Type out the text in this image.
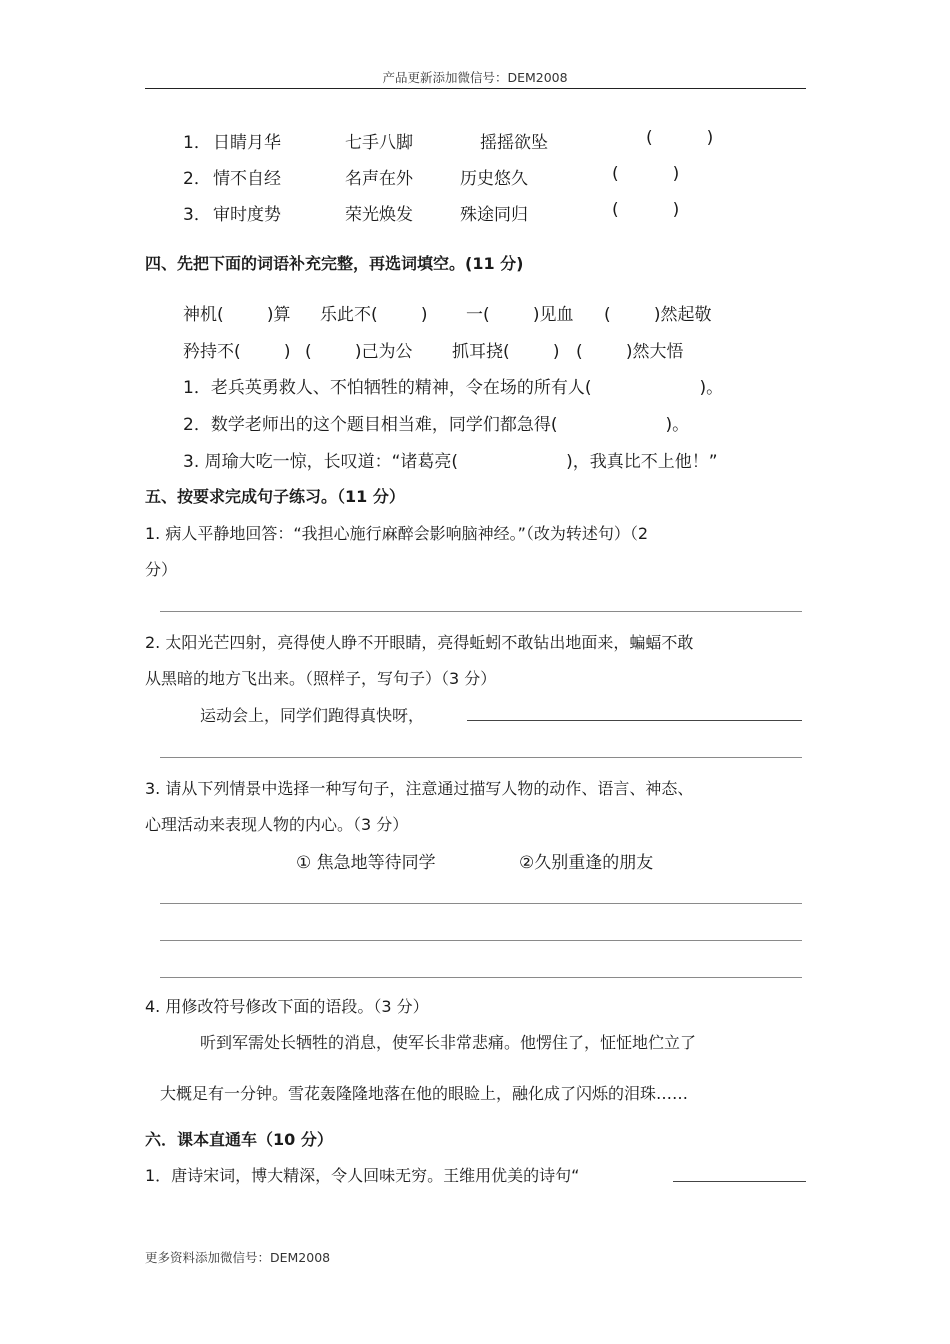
产品更新添加微信号：DEM2008
1． 日睛月华	七手八脚	摇摇欲坠	(          )
2． 情不自经	名声在外	历史悠久	(          )
3． 审时度势	荣光焕发	殊途同归	(          )
四、先把下面的词语补充完整，再选词填空。(11 分)
神机(        )算 乐此不(        ) 一(        )见血 (        )然起敬
矜持不(        ) (        )己为公 抓耳挠(        ) (        )然大悟
1．老兵英勇救人、不怕牺牲的精神，令在场的所有人(                    )。
2．数学老师出的这个题目相当难，同学们都急得(                    )。
3. 周瑜大吃一惊，长叹道：“诸葛亮(                    )，我真比不上他！”
五、按要求完成句子练习。（11 分）
1. 病人平静地回答：“我担心施行麻醉会影响脑神经。”（改为转述句）（2
分）
2. 太阳光芒四射，亮得使人睁不开眼睛，亮得蚯蚓不敢钻出地面来，蝙蝠不敢
从黑暗的地方飞出来。（照样子，写句子）（3 分）
运动会上，同学们跑得真快呀，
3. 请从下列情景中选择一种写句子，注意通过描写人物的动作、语言、神态、
心理活动来表现人物的内心。（3 分）
① 焦急地等待同学	②久别重逢的朋友
4. 用修改符号修改下面的语段。（3 分）
听到军需处长牺牲的消息，使军长非常悲痛。他愣住了，怔怔地伫立了
大概足有一分钟。雪花轰隆隆地落在他的眼睑上，融化成了闪烁的泪珠……
六．课本直通车（10 分）
1．唐诗宋词，博大精深，令人回味无穷。王维用优美的诗句“
更多资料添加微信号：DEM2008
